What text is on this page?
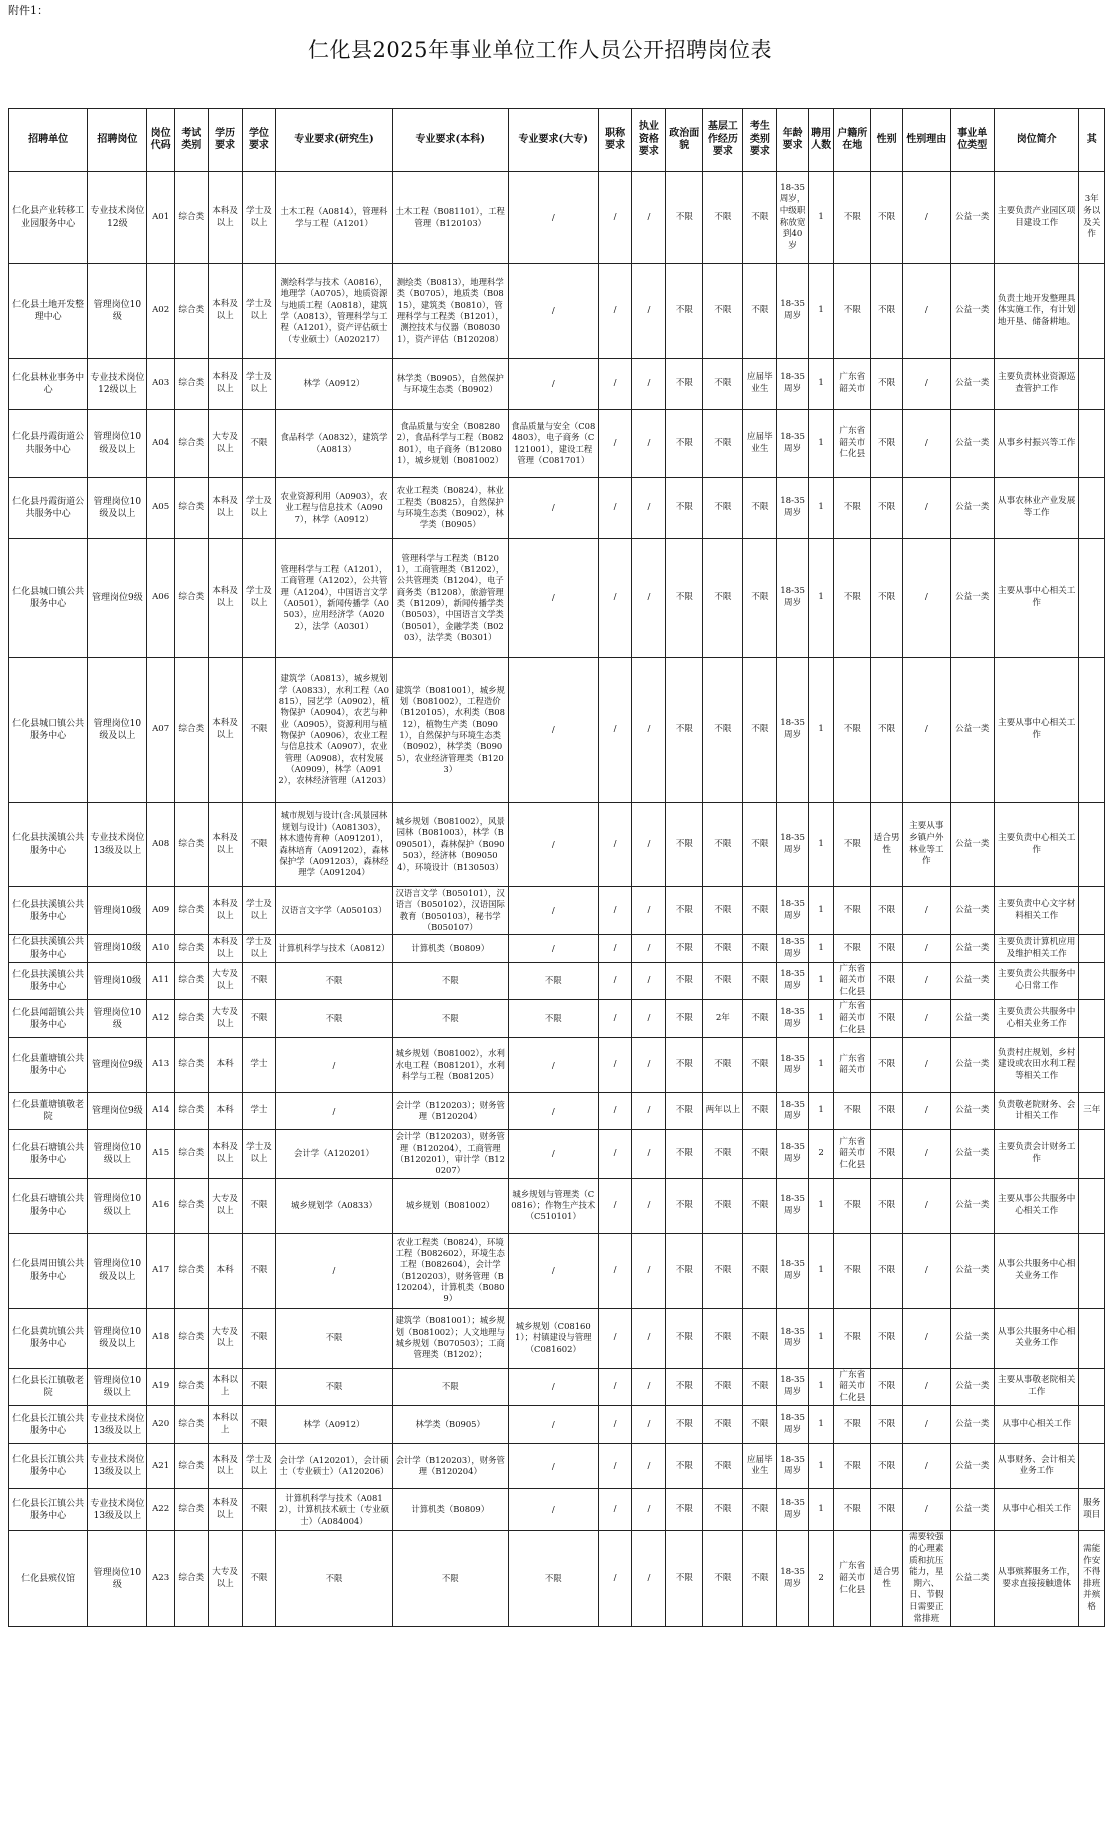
附件1：
仁化县2025年事业单位工作人员公开招聘岗位表
招聘单位	招聘岗位	岗位代码	考试类别	学历要求	学位要求	专业要求(研究生)	专业要求(本科)	专业要求(大专)	职称要求	执业资格要求	政治面貌	基层工作经历要求	考生类别要求	年龄要求	聘用人数	户籍所在地	性别	性别理由	事业单位类型	岗位简介	其
仁化县产业转移工业园服务中心	专业技术岗位12级	A01	综合类	本科及以上	学士及以上	土木工程（A0814），管理科学与工程（A1201）	土木工程（B081101），工程管理（B120103）	/	/	/	不限	不限	不限	18-35周岁，中级职称放宽到40岁	1	不限	不限	/	公益一类	主要负责产业园区项目建设工作	3年务以及关作
仁化县土地开发整理中心	管理岗位10级	A02	综合类	本科及以上	学士及以上	测绘科学与技术（A0816），地理学（A0705），地质资源与地质工程（A0818），建筑学（A0813），管理科学与工程（A1201），资产评估硕士（专业硕士）（A020217）	测绘类（B0813），地理科学类（B0705），地质类（B0815），建筑类（B0810），管理科学与工程类（B1201），测控技术与仪器（B080301），资产评估（B120208）	/	/	/	不限	不限	不限	18-35周岁	1	不限	不限	/	公益一类	负责土地开发整理具体实施工作，有计划地开垦、储备耕地。	
仁化县林业事务中心	专业技术岗位12级以上	A03	综合类	本科及以上	学士及以上	林学（A0912）	林学类（B0905），自然保护与环境生态类（B0902）	/	/	/	不限	不限	应届毕业生	18-35周岁	1	广东省韶关市	不限	/	公益一类	主要负责林业资源巡查管护工作	
仁化县丹霞街道公共服务中心	管理岗位10级及以上	A04	综合类	大专及以上	不限	食品科学（A0832），建筑学（A0813）	食品质量与安全（B082802），食品科学与工程（B082801），电子商务（B120801），城乡规划（B081002）	食品质量与安全（C084803），电子商务（C121001），建设工程管理（C081701）	/	/	不限	不限	应届毕业生	18-35周岁	1	广东省韶关市仁化县	不限	/	公益一类	从事乡村振兴等工作	
仁化县丹霞街道公共服务中心	管理岗位10级及以上	A05	综合类	本科及以上	学士及以上	农业资源利用（A0903），农业工程与信息技术（A0907），林学（A0912）	农业工程类（B0824），林业工程类（B0825），自然保护与环境生态类（B0902），林学类（B0905）	/	/	/	不限	不限	不限	18-35周岁	1	不限	不限	/	公益一类	从事农林业产业发展等工作	
仁化县城口镇公共服务中心	管理岗位9级	A06	综合类	本科及以上	学士及以上	管理科学与工程（A1201），工商管理（A1202），公共管理（A1204），中国语言文学（A0501），新闻传播学（A0503），应用经济学（A0202），法学（A0301）	管理科学与工程类（B1201），工商管理类（B1202），公共管理类（B1204），电子商务类（B1208），旅游管理类（B1209），新闻传播学类（B0503），中国语言文学类（B0501），金融学类（B0203），法学类（B0301）	/	/	/	不限	不限	不限	18-35周岁	1	不限	不限	/	公益一类	主要从事中心相关工作	
仁化县城口镇公共服务中心	管理岗位10级及以上	A07	综合类	本科及以上	不限	建筑学（A0813），城乡规划学（A0833），水利工程（A0815），园艺学（A0902），植物保护（A0904），农艺与种业（A0905），资源利用与植物保护（A0906），农业工程与信息技术（A0907），农业管理（A0908），农村发展（A0909），林学（A0912），农林经济管理（A1203）	建筑学（B081001），城乡规划（B081002），工程造价（B120105），水利类（B0812），植物生产类（B0901），自然保护与环境生态类（B0902），林学类（B0905），农业经济管理类（B1203）	/	/	/	不限	不限	不限	18-35周岁	1	不限	不限	/	公益一类	主要从事中心相关工作	
仁化县扶溪镇公共服务中心	专业技术岗位13级及以上	A08	综合类	本科及以上	不限	城市规划与设计(含:风景园林规划与设计)（A081303），林木遗传育种（A091201），森林培育（A091202），森林保护学（A091203），森林经理学（A091204）	城乡规划（B081002），风景园林（B081003），林学（B090501），森林保护（B090503），经济林（B090504），环境设计（B130503）	/	/	/	不限	不限	不限	18-35周岁	1	不限	适合男性	主要从事乡镇户外林业等工作	公益一类	主要负责中心相关工作	
仁化县扶溪镇公共服务中心	管理岗10级	A09	综合类	本科及以上	学士及以上	汉语言文字学（A050103）	汉语言文学（B050101），汉语言（B050102），汉语国际教育（B050103），秘书学（B050107）	/	/	/	不限	不限	不限	18-35周岁	1	不限	不限	/	公益一类	主要负责中心文字材料相关工作	
仁化县扶溪镇公共服务中心	管理岗10级	A10	综合类	本科及以上	学士及以上	计算机科学与技术（A0812）	计算机类（B0809）	/	/	/	不限	不限	不限	18-35周岁	1	不限	不限	/	公益一类	主要负责计算机应用及维护相关工作	
仁化县扶溪镇公共服务中心	管理岗10级	A11	综合类	大专及以上	不限	不限	不限	不限	/	/	不限	不限	不限	18-35周岁	1	广东省韶关市仁化县	不限	/	公益一类	主要负责公共服务中心日常工作	
仁化县闻韶镇公共服务中心	管理岗位10级	A12	综合类	大专及以上	不限	不限	不限	不限	/	/	不限	2年	不限	18-35周岁	1	广东省韶关市仁化县	不限	/	公益一类	主要负责公共服务中心相关业务工作	
仁化县董塘镇公共服务中心	管理岗位9级	A13	综合类	本科	学士	/	城乡规划（B081002），水利水电工程（B081201），水利科学与工程（B081205）	/	/	/	不限	不限	不限	18-35周岁	1	广东省韶关市	不限	/	公益一类	负责村庄规划，乡村建设或农田水利工程等相关工作	
仁化县董塘镇敬老院	管理岗位9级	A14	综合类	本科	学士	/	会计学（B120203）；财务管理（B120204）	/	/	/	不限	两年以上	不限	18-35周岁	1	不限	不限	/	公益一类	负责敬老院财务、会计相关工作	三年
仁化县石塘镇公共服务中心	管理岗位10级以上	A15	综合类	本科及以上	学士及以上	会计学（A120201）	会计学（B120203），财务管理（B120204），工商管理（B120201），审计学（B120207）	/	/	/	不限	不限	不限	18-35周岁	2	广东省韶关市仁化县	不限	/	公益一类	主要负责会计财务工作	
仁化县石塘镇公共服务中心	管理岗位10级以上	A16	综合类	大专及以上	不限	城乡规划学（A0833）	城乡规划（B081002）	城乡规划与管理类（C0816）；作物生产技术（C510101）	/	/	不限	不限	不限	18-35周岁	1	不限	不限	/	公益一类	主要从事公共服务中心相关工作	
仁化县周田镇公共服务中心	管理岗位10级及以上	A17	综合类	本科	不限	/	农业工程类（B0824），环境工程（B082602），环境生态工程（B082604），会计学（B120203），财务管理（B120204），计算机类（B0809）	/	/	/	不限	不限	不限	18-35周岁	1	不限	不限	/	公益一类	从事公共服务中心相关业务工作	
仁化县黄坑镇公共服务中心	管理岗位10级及以上	A18	综合类	大专及以上	不限	不限	建筑学（B081001）；城乡规划（B081002）；人文地理与城乡规划（B070503）；工商管理类（B1202）；	城乡规划（C081601）；村镇建设与管理（C081602）	/	/	不限	不限	不限	18-35周岁	1	不限	不限	/	公益一类	从事公共服务中心相关业务工作	
仁化县长江镇敬老院	管理岗位10级以上	A19	综合类	本科以上	不限	不限	不限	/	/	/	不限	不限	不限	18-35周岁	1	广东省韶关市仁化县	不限	/	公益一类	主要从事敬老院相关工作	
仁化县长江镇公共服务中心	专业技术岗位13级及以上	A20	综合类	本科以上	不限	林学（A0912）	林学类（B0905）	/	/	/	不限	不限	不限	18-35周岁	1	不限	不限	/	公益一类	从事中心相关工作	
仁化县长江镇公共服务中心	专业技术岗位13级及以上	A21	综合类	本科及以上	学士及以上	会计学（A120201），会计硕士（专业硕士）（A120206）	会计学（B120203），财务管理（B120204）	/	/	/	不限	不限	应届毕业生	18-35周岁	1	不限	不限	/	公益一类	从事财务、会计相关业务工作	
仁化县长江镇公共服务中心	专业技术岗位13级及以上	A22	综合类	本科及以上	不限	计算机科学与技术（A0812），计算机技术硕士（专业硕士）（A084004）	计算机类（B0809）	/	/	/	不限	不限	不限	18-35周岁	1	不限	不限	/	公益一类	从事中心相关工作	服务项目
仁化县殡仪馆	管理岗位10级	A23	综合类	大专及以上	不限	不限	不限	不限	/	/	不限	不限	不限	18-35周岁	2	广东省韶关市仁化县	适合男性	需要较强的心理素质和抗压能力，星期六、日、节假日需要正常排班	公益二类	从事殡葬服务工作，要求直接接触遗体	需能作安不得排班并殡格
